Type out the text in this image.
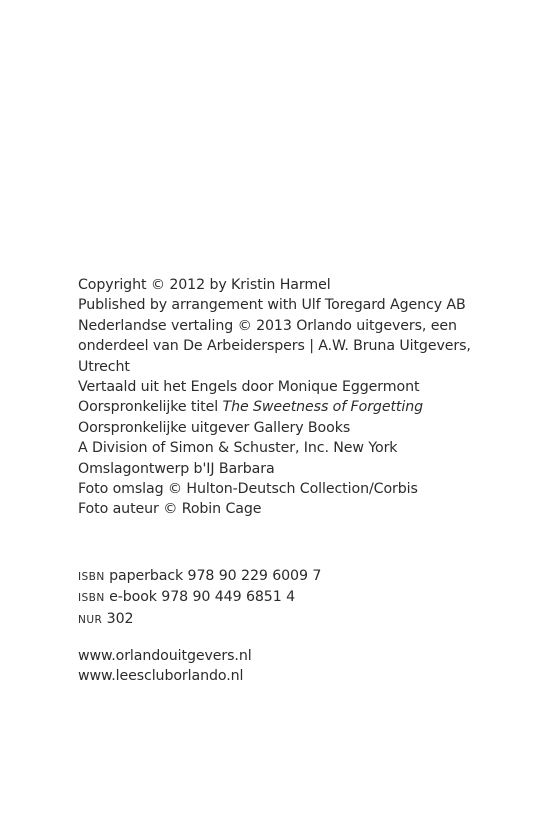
Copyright © 2012 by Kristin Harmel
Published by arrangement with Ulf Toregard Agency AB
Nederlandse vertaling © 2013 Orlando uitgevers, een
onderdeel van De Arbeiderspers | A.W. Bruna Uitgevers,
Utrecht
Vertaald uit het Engels door Monique Eggermont
Oorspronkelijke titel The Sweetness of Forgetting
Oorspronkelijke uitgever Gallery Books
A Division of Simon & Schuster, Inc. New York
Omslagontwerp b'IJ Barbara
Foto omslag © Hulton-Deutsch Collection/Corbis
Foto auteur © Robin Cage
ISBN paperback 978 90 229 6009 7
ISBN e-book 978 90 449 6851 4
NUR 302
www.orlandouitgevers.nl
www.leescluborlando.nl
